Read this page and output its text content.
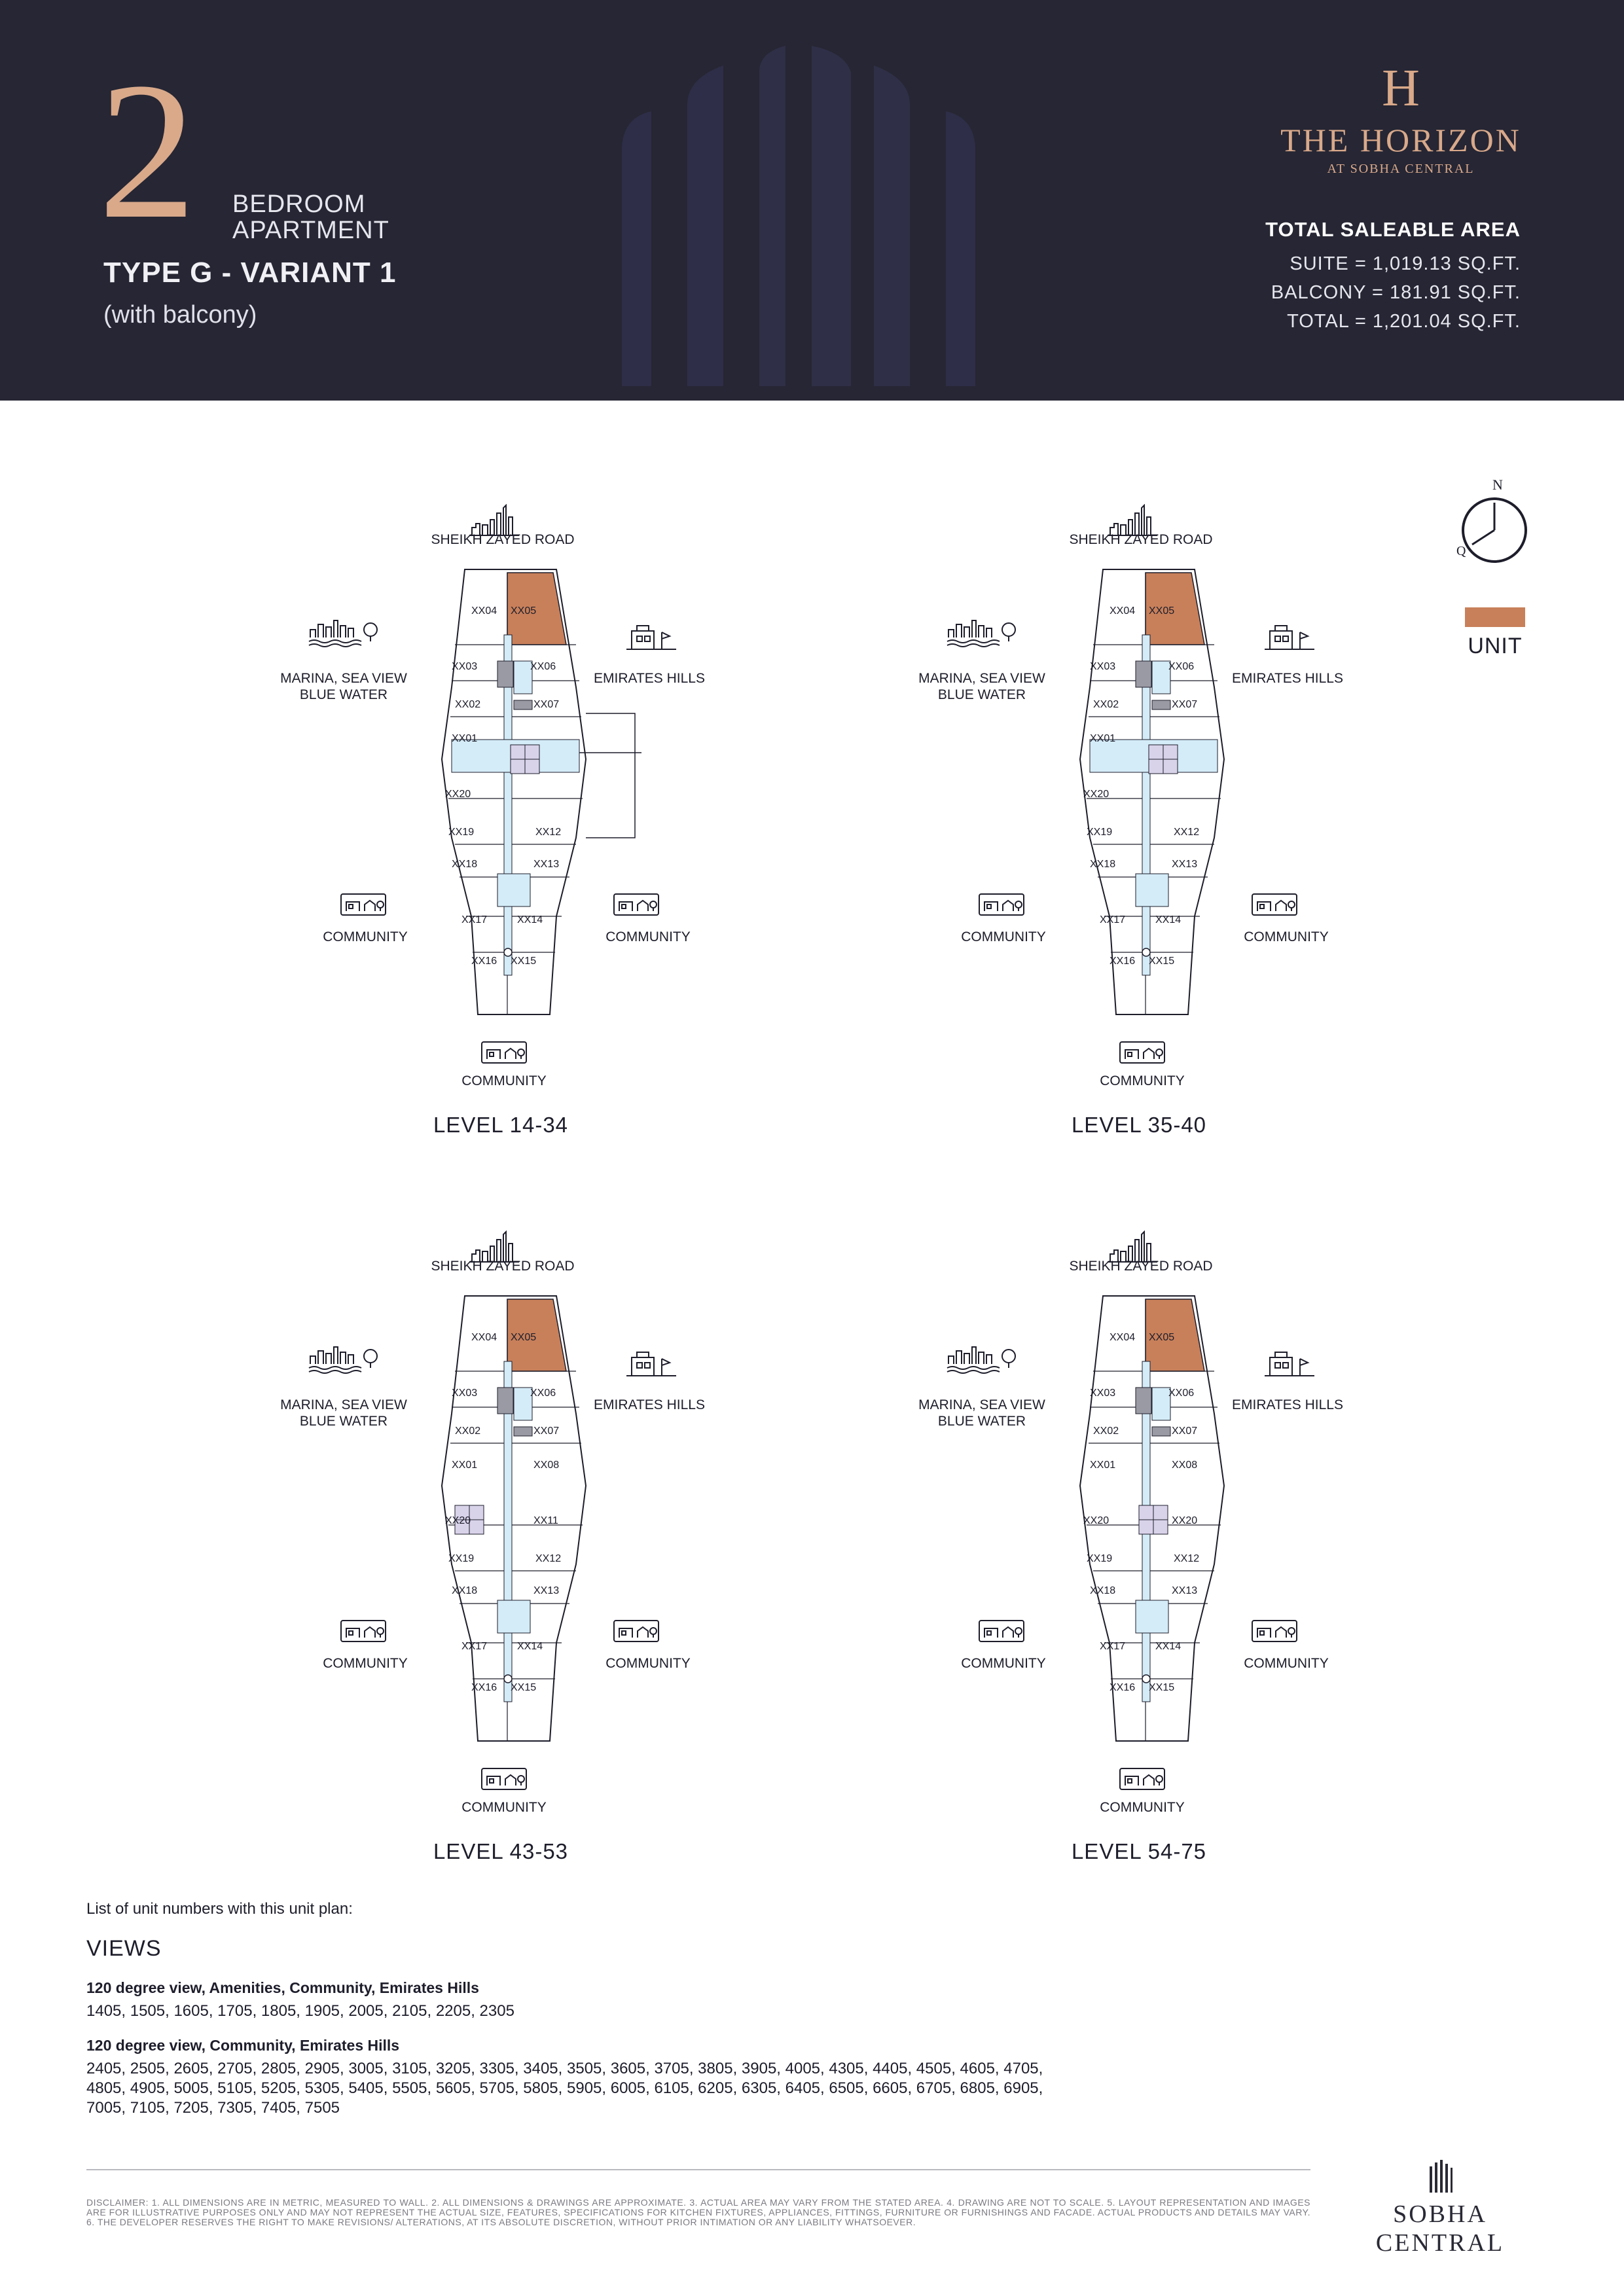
2 BEDROOM
APARTMENT
TYPE G - VARIANT 1
(with balcony)
H
THE HORIZON
AT SOBHA CENTRAL
TOTAL SALEABLE AREA
SUITE = 1,019.13 SQ.FT.
BALCONY = 181.91 SQ.FT.
TOTAL = 1,201.04 SQ.FT.
N
Q
UNIT
XX04 XX05
XX03	XX06
XX02	XX07
XX01
XX20
XX19	XX12
XX18	XX13
XX17	XX14
XX16 XX15
SHEIKH ZAYED ROAD
MARINA, SEA VIEW
BLUE WATER
EMIRATES HILLS
COMMUNITY	COMMUNITY
COMMUNITY
LEVEL 14-34
XX04 XX05
XX03	XX06
XX02	XX07
XX01
XX20
XX19	XX12
XX18	XX13
XX17	XX14
XX16 XX15
SHEIKH ZAYED ROAD
MARINA, SEA VIEW
BLUE WATER
EMIRATES HILLS
COMMUNITY	COMMUNITY
COMMUNITY
LEVEL 35-40
XX04 XX05
XX03	XX06
XX02	XX07
XX01	XX08
XX20	XX11
XX19	XX12
XX18	XX13
XX17	XX14
XX16 XX15
SHEIKH ZAYED ROAD
MARINA, SEA VIEW
BLUE WATER
EMIRATES HILLS
COMMUNITY	COMMUNITY
COMMUNITY
LEVEL 43-53
XX04 XX05
XX03	XX06
XX02	XX07
XX01	XX08
XX20	XX20
XX19	XX12
XX18	XX13
XX17	XX14
XX16 XX15
SHEIKH ZAYED ROAD
MARINA, SEA VIEW
BLUE WATER
EMIRATES HILLS
COMMUNITY	COMMUNITY
COMMUNITY
LEVEL 54-75
List of unit numbers with this unit plan:
VIEWS
120 degree view, Amenities, Community, Emirates Hills
1405, 1505, 1605, 1705, 1805, 1905, 2005, 2105, 2205, 2305
120 degree view, Community, Emirates Hills
2405, 2505, 2605, 2705, 2805, 2905, 3005, 3105, 3205, 3305, 3405, 3505, 3605, 3705, 3805, 3905, 4005, 4305, 4405, 4505, 4605, 4705, 4805, 4905, 5005, 5105, 5205, 5305, 5405, 5505, 5605, 5705, 5805, 5905, 6005, 6105, 6205, 6305, 6405, 6505, 6605, 6705, 6805, 6905, 7005, 7105, 7205, 7305, 7405, 7505
DISCLAIMER: 1. ALL DIMENSIONS ARE IN METRIC, MEASURED TO WALL. 2. ALL DIMENSIONS & DRAWINGS ARE APPROXIMATE. 3. ACTUAL AREA MAY VARY FROM THE STATED AREA. 4. DRAWING ARE NOT TO SCALE. 5. LAYOUT REPRESENTATION AND IMAGES ARE FOR ILLUSTRATIVE PURPOSES ONLY AND MAY NOT REPRESENT THE ACTUAL SIZE, FEATURES, SPECIFICATIONS FOR KITCHEN FIXTURES, APPLIANCES, FITTINGS, FURNITURE OR FURNISHINGS AND FACADE. ACTUAL PRODUCTS AND DETAILS MAY VARY. 6. THE DEVELOPER RESERVES THE RIGHT TO MAKE REVISIONS/ ALTERATIONS, AT ITS ABSOLUTE DISCRETION, WITHOUT PRIOR INTIMATION OR ANY LIABILITY WHATSOEVER.	SOBHA CENTRAL
